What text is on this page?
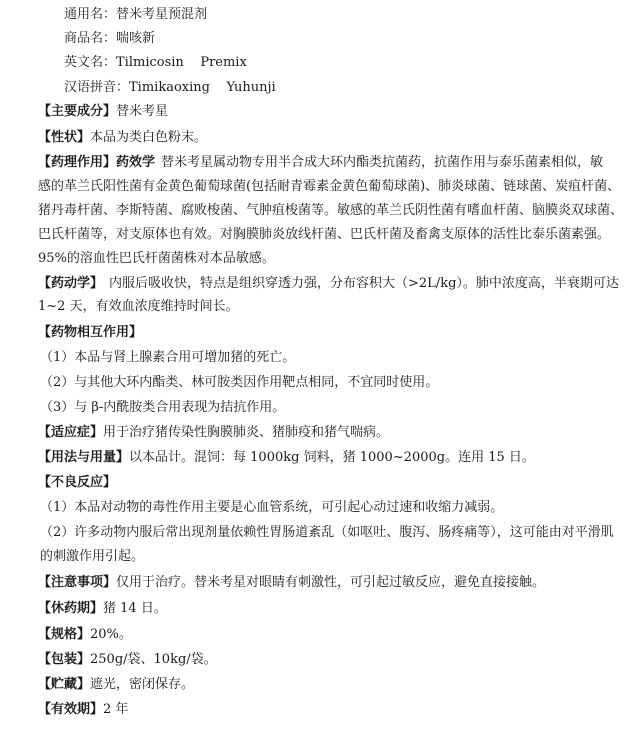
通用名：替米考星预混剂
商品名：喘咳新
英文名：Tilmicosin    Premix
汉语拼音：Timikaoxing    Yuhunji
【主要成分】替米考星
【性状】本品为类白色粉末。
【药理作用】药效学 替米考星属动物专用半合成大环内酯类抗菌药，抗菌作用与泰乐菌素相似，敏
感的革兰氏阳性菌有金黄色葡萄球菌(包括耐青霉素金黄色葡萄球菌)、肺炎球菌、链球菌、炭疽杆菌、
猪丹毒杆菌、李斯特菌、腐败梭菌、气肿疽梭菌等。敏感的革兰氏阴性菌有嗜血杆菌、脑膜炎双球菌、
巴氏杆菌等，对支原体也有效。对胸膜肺炎放线杆菌、巴氏杆菌及畜禽支原体的活性比泰乐菌素强。
95%的溶血性巴氏杆菌菌株对本品敏感。
【药动学】 内服后吸收快，特点是组织穿透力强，分布容积大（>2L/kg）。肺中浓度高，半衰期可达
1~2 天，有效血浓度维持时间长。
【药物相互作用】
（1）本品与肾上腺素合用可增加猪的死亡。
（2）与其他大环内酯类、林可胺类因作用靶点相同，不宜同时使用。
（3）与 β-内酰胺类合用表现为拮抗作用。
【适应症】用于治疗猪传染性胸膜肺炎、猪肺疫和猪气喘病。
【用法与用量】以本品计。混饲：每 1000kg 饲料，猪 1000~2000g。连用 15 日。
【不良反应】
（1）本品对动物的毒性作用主要是心血管系统，可引起心动过速和收缩力减弱。
（2）许多动物内服后常出现剂量依赖性胃肠道紊乱（如呕吐、腹泻、肠疼痛等），这可能由对平滑肌
的刺激作用引起。
【注意事项】仅用于治疗。替米考星对眼睛有刺激性，可引起过敏反应，避免直接接触。
【休药期】猪 14 日。
【规格】20%。
【包装】250g/袋、10kg/袋。
【贮藏】遮光，密闭保存。
【有效期】2 年
